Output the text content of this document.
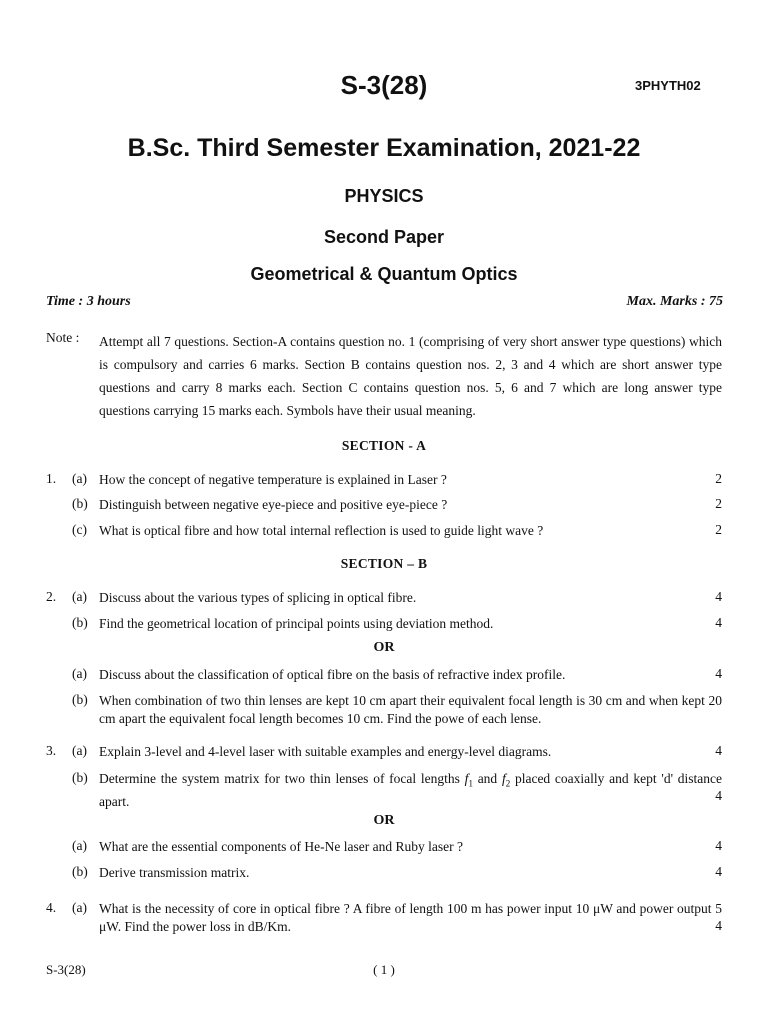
S-3(28)	3PHYTH02
B.Sc. Third Semester Examination, 2021-22
PHYSICS
Second Paper
Geometrical & Quantum Optics
Time : 3 hours	Max. Marks : 75
Note : Attempt all 7 questions. Section-A contains question no. 1 (comprising of very short answer type questions) which is compulsory and carries 6 marks. Section B contains question nos. 2, 3 and 4 which are short answer type questions and carry 8 marks each. Section C contains question nos. 5, 6 and 7 which are long answer type questions carrying 15 marks each. Symbols have their usual meaning.
SECTION - A
1. (a) How the concept of negative temperature is explained in Laser ?	2
(b) Distinguish between negative eye-piece and positive eye-piece ?	2
(c) What is optical fibre and how total internal reflection is used to guide light wave ?	2
SECTION – B
2. (a) Discuss about the various types of splicing in optical fibre.	4
(b) Find the geometrical location of principal points using deviation method.	4
OR
(a) Discuss about the classification of optical fibre on the basis of refractive index profile.	4
(b) When combination of two thin lenses are kept 10 cm apart their equivalent focal length is 30 cm and when kept 20 cm apart the equivalent focal length becomes 10 cm. Find the powe of each lense.
3. (a) Explain 3-level and 4-level laser with suitable examples and energy-level diagrams.	4
(b) Determine the system matrix for two thin lenses of focal lengths $f_1$ and $f_2$ placed coaxially and kept 'd' distance apart.	4
OR
(a) What are the essential components of He-Ne laser and Ruby laser ?	4
(b) Derive transmission matrix.	4
4. (a) What is the necessity of core in optical fibre ? A fibre of length 100 m has power input 10 μW and power output 5 μW. Find the power loss in dB/Km.	4
S-3(28)	( 1 )
